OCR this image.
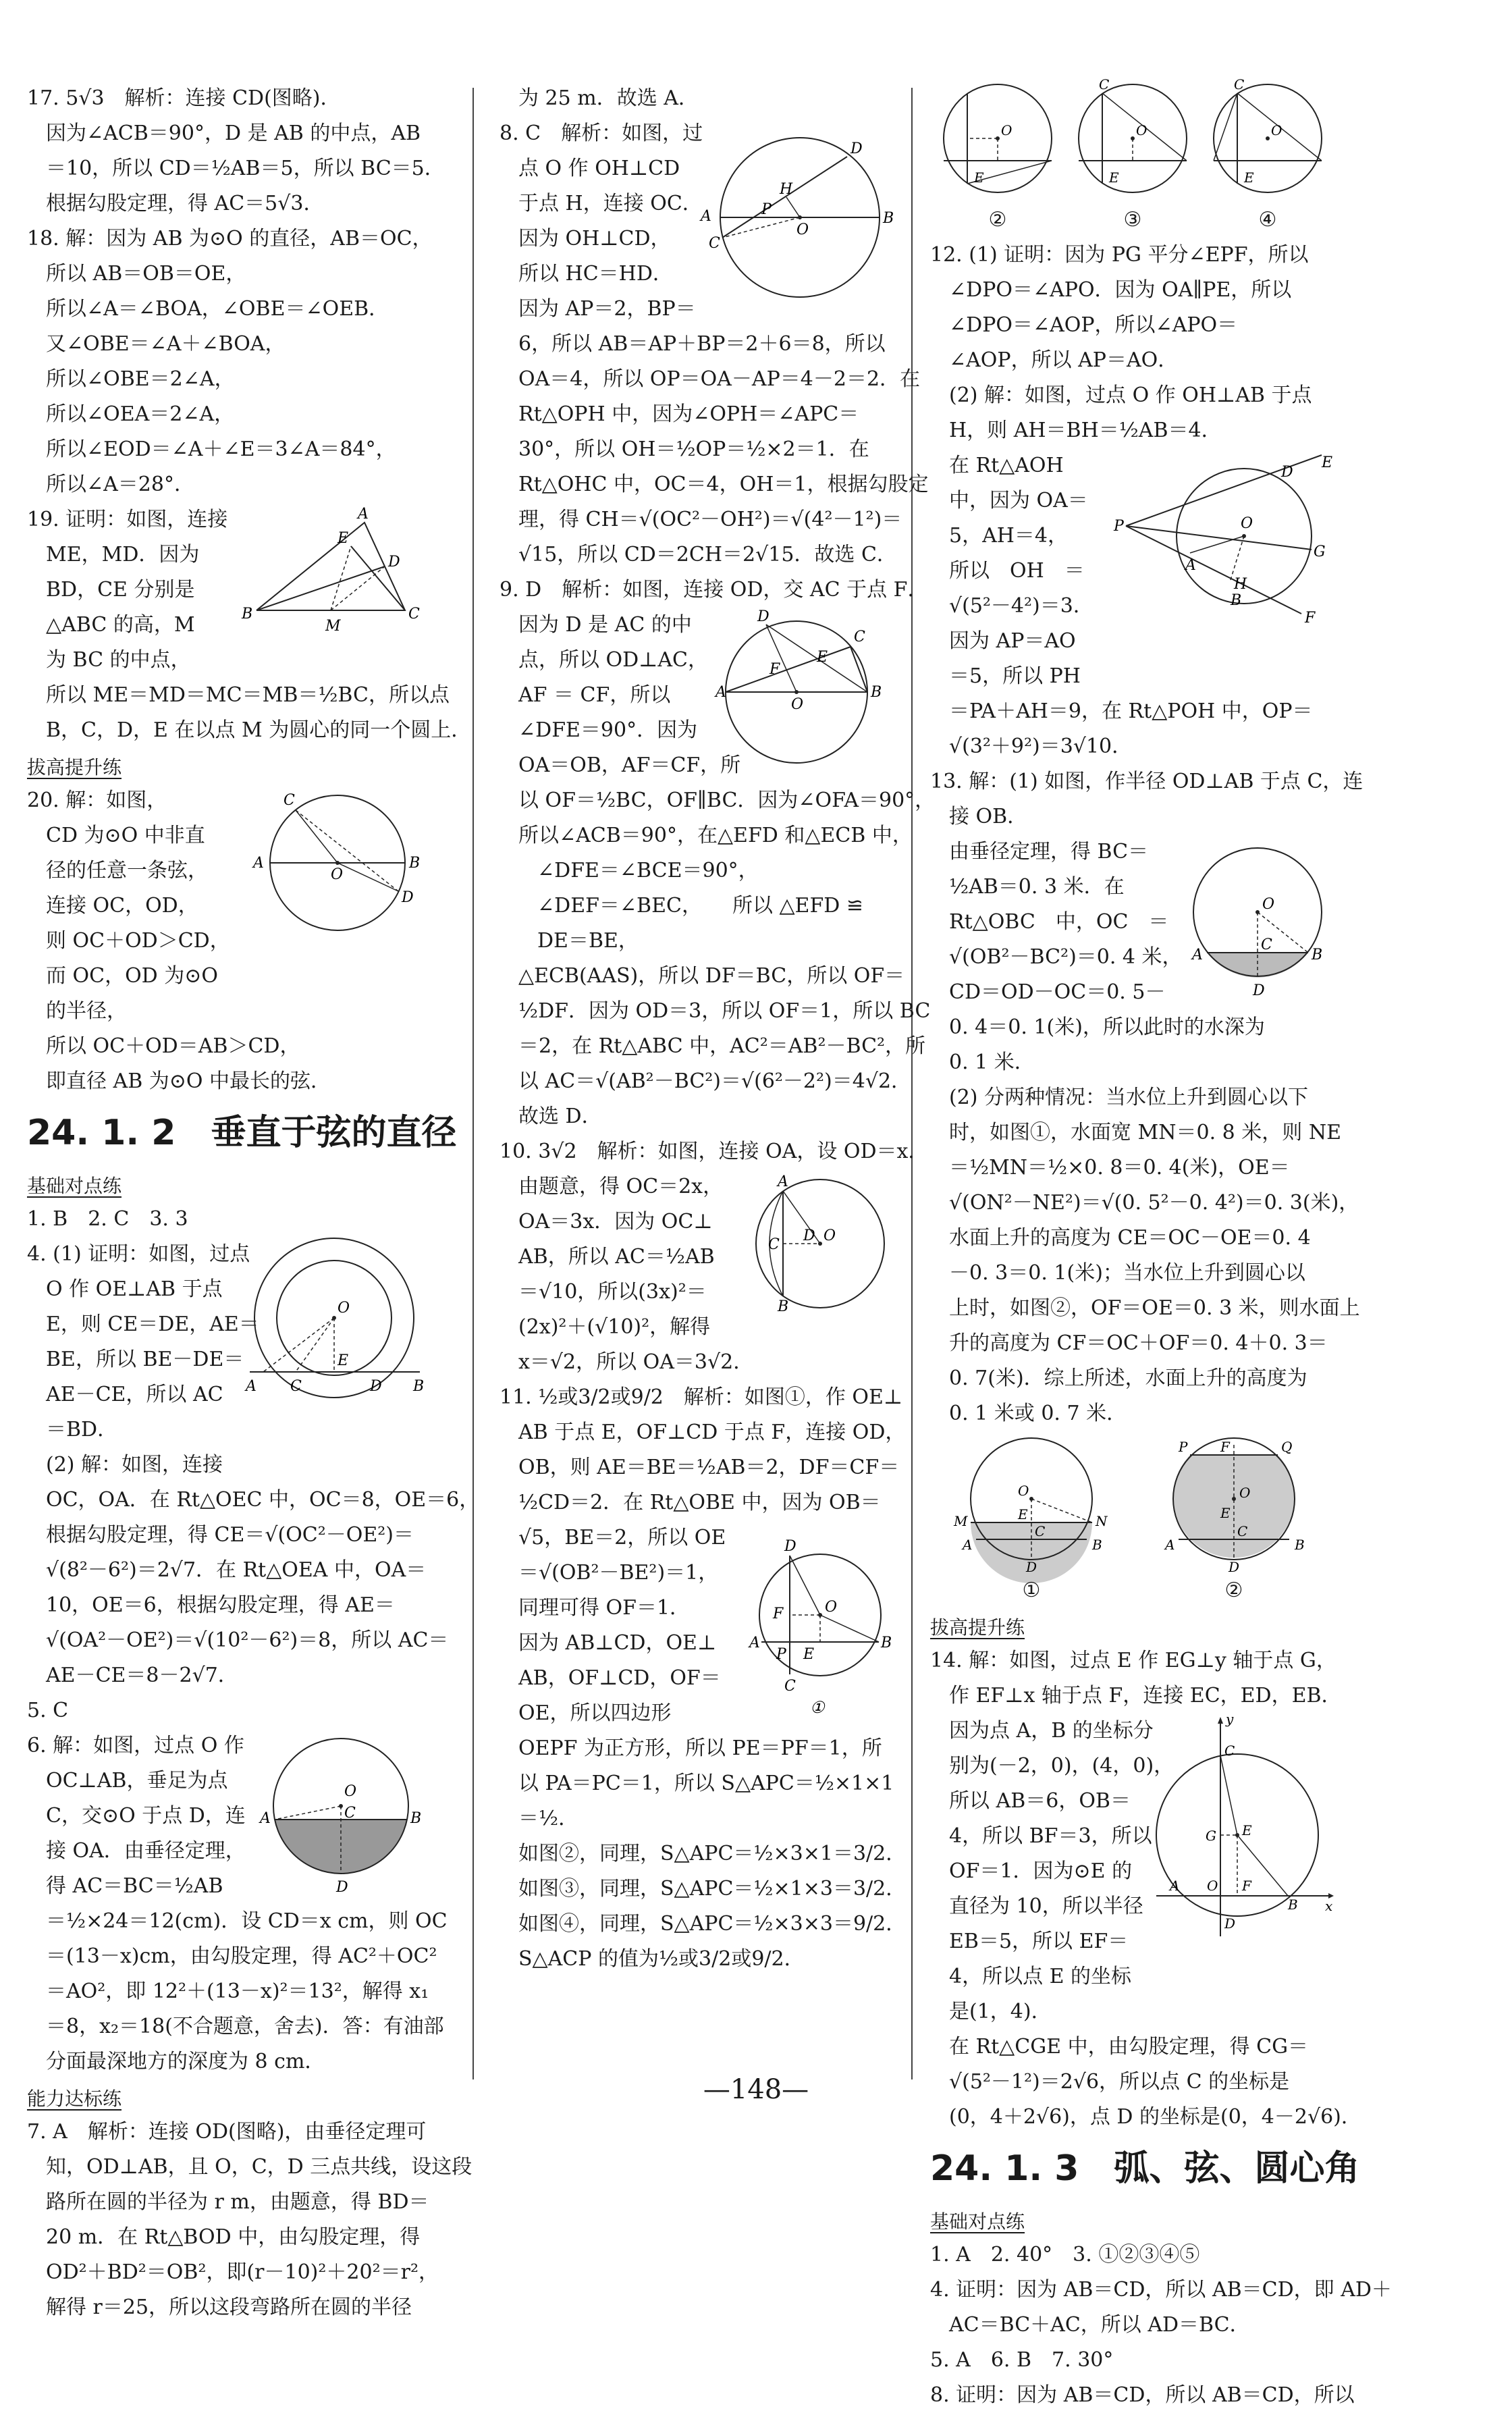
17. 5√3　解析：连接 CD(图略)．
因为∠ACB＝90°，D 是 AB 的中点，AB
＝10，所以 CD＝½AB＝5，所以 BC＝5．
根据勾股定理，得 AC＝5√3．
18. 解：因为 AB 为⊙O 的直径，AB＝OC，
所以 AB＝OB＝OE，
所以∠A＝∠BOA，∠OBE＝∠OEB．
又∠OBE＝∠A＋∠BOA，
所以∠OBE＝2∠A，
所以∠OEA＝2∠A，
所以∠EOD＝∠A＋∠E＝3∠A＝84°，
所以∠A＝28°．
19. 证明：如图，连接
ME，MD．因为
BD，CE 分别是
△ABC 的高，M
为 BC 的中点，
B	C
A
D
E
M
所以 ME＝MD＝MC＝MB＝½BC，所以点
B，C，D，E 在以点 M 为圆心的同一个圆上．
拔高提升练
20. 解：如图，
CD 为⊙O 中非直
径的任意一条弦，
连接 OC，OD，
则 OC＋OD＞CD，
而 OC，OD 为⊙O
的半径，
C
A	B
O
D
所以 OC＋OD＝AB＞CD，
即直径 AB 为⊙O 中最长的弦．
24. 1. 2　垂直于弦的直径
基础对点练
1. B　2. C　3. 3
4. (1) 证明：如图，过点
O 作 OE⊥AB 于点
E，则 CE＝DE，AE＝
BE，所以 BE－DE＝
AE－CE，所以 AC
＝BD．
(2) 解：如图，连接
O
E
A C	D B
OC，OA．在 Rt△OEC 中，OC＝8，OE＝6，
根据勾股定理，得 CE＝√(OC²－OE²)＝
√(8²－6²)＝2√7．在 Rt△OEA 中，OA＝
10，OE＝6，根据勾股定理，得 AE＝
√(OA²－OE²)＝√(10²－6²)＝8，所以 AC＝
AE－CE＝8－2√7．
5. C
6. 解：如图，过点 O 作
OC⊥AB，垂足为点
C，交⊙O 于点 D，连
接 OA．由垂径定理，
得 AC＝BC＝½AB
O
C
A	B
D
＝½×24＝12(cm)．设 CD＝x cm，则 OC
＝(13－x)cm，由勾股定理，得 AC²＋OC²
＝AO²，即 12²＋(13－x)²＝13²，解得 x₁
＝8，x₂＝18(不合题意，舍去)．答：有油部
分面最深地方的深度为 8 cm．
能力达标练
7. A　解析：连接 OD(图略)，由垂径定理可
知，OD⊥AB，且 O，C，D 三点共线，设这段
路所在圆的半径为 r m，由题意，得 BD＝
20 m．在 Rt△BOD 中，由勾股定理，得
OD²＋BD²＝OB²，即(r－10)²＋20²＝r²，
解得 r＝25，所以这段弯路所在圆的半径
为 25 m．故选 A．
8. C　解析：如图，过
点 O 作 OH⊥CD
于点 H，连接 OC．
因为 OH⊥CD，
所以 HC＝HD．
因为 AP＝2，BP＝
D
H
P
A	B
O
C
6，所以 AB＝AP＋BP＝2＋6＝8，所以
OA＝4，所以 OP＝OA－AP＝4－2＝2．在
Rt△OPH 中，因为∠OPH＝∠APC＝
30°，所以 OH＝½OP＝½×2＝1．在
Rt△OHC 中，OC＝4，OH＝1，根据勾股定
理，得 CH＝√(OC²－OH²)＝√(4²－1²)＝
√15，所以 CD＝2CH＝2√15．故选 C．
9. D　解析：如图，连接 OD，交 AC 于点 F．
因为 D 是 AC 的中
点，所以 OD⊥AC，
AF ＝ CF，所以
∠DFE＝90°．因为
OA＝OB，AF＝CF，所
D
C
E
F
A	B
O
以 OF＝½BC，OF∥BC．因为∠OFA＝90°，
所以∠ACB＝90°，在△EFD 和△ECB 中，
∠DFE＝∠BCE＝90°，
∠DEF＝∠BEC，　　所以 △EFD ≌
DE＝BE，
△ECB(AAS)，所以 DF＝BC，所以 OF＝
½DF．因为 OD＝3，所以 OF＝1，所以 BC
＝2，在 Rt△ABC 中，AC²＝AB²－BC²，所
以 AC＝√(AB²－BC²)＝√(6²－2²)＝4√2．
故选 D．
10. 3√2　解析：如图，连接 OA，设 OD＝x．
由题意，得 OC＝2x，
OA＝3x．因为 OC⊥
AB，所以 AC＝½AB
＝√10，所以(3x)²＝
(2x)²＋(√10)²，解得
x＝√2，所以 OA＝3√2．
A
C
D O
B
11. ½或3/2或9/2　解析：如图①，作 OE⊥
AB 于点 E，OF⊥CD 于点 F，连接 OD，
OB，则 AE＝BE＝½AB＝2，DF＝CF＝
½CD＝2．在 Rt△OBE 中，因为 OB＝
√5，BE＝2，所以 OE
＝√(OB²－BE²)＝1，
同理可得 OF＝1．
因为 AB⊥CD，OE⊥
AB，OF⊥CD，OF＝
OE，所以四边形
D
F	O
A
P E
B
C
①
OEPF 为正方形，所以 PE＝PF＝1，所
以 PA＝PC＝1，所以 S△APC＝½×1×1
＝½．
如图②，同理，S△APC＝½×3×1＝3/2．
如图③，同理，S△APC＝½×1×3＝3/2．
如图④，同理，S△APC＝½×3×3＝9/2．
S△ACP 的值为½或3/2或9/2．
O
E
②
C
O
E
③
C
O
E
④
12. (1) 证明：因为 PG 平分∠EPF，所以
∠DPO＝∠APO．因为 OA∥PE，所以
∠DPO＝∠AOP，所以∠APO＝
∠AOP，所以 AP＝AO．
(2) 解：如图，过点 O 作 OH⊥AB 于点
H，则 AH＝BH＝½AB＝4．
在 Rt△AOH
中，因为 OA＝
5，AH＝4，
所以　OH　＝
√(5²－4²)＝3．
因为 AP＝AO
＝5，所以 PH
E
D
P	O
G
A
H
B
F
＝PA＋AH＝9，在 Rt△POH 中，OP＝
√(3²＋9²)＝3√10．
13. 解：(1) 如图，作半径 OD⊥AB 于点 C，连
接 OB．
由垂径定理，得 BC＝
½AB＝0. 3 米．在
Rt△OBC　中，OC　＝
√(OB²－BC²)＝0. 4 米，
CD＝OD－OC＝0. 5－
O
C
A	B
D
0. 4＝0. 1(米)，所以此时的水深为
0. 1 米．
(2) 分两种情况：当水位上升到圆心以下
时，如图①，水面宽 MN＝0. 8 米，则 NE
＝½MN＝½×0. 8＝0. 4(米)，OE＝
√(ON²－NE²)＝√(0. 5²－0. 4²)＝0. 3(米)，
水面上升的高度为 CE＝OC－OE＝0. 4
－0. 3＝0. 1(米)；当水位上升到圆心以
上时，如图②，OF＝OE＝0. 3 米，则水面上
升的高度为 CF＝OC＋OF＝0. 4＋0. 3＝
0. 7(米)．综上所述，水面上升的高度为
0. 1 米或 0. 7 米．
O
E
M	N
C
A	B
D
①
P F	Q
O
E
C
A	B
D
②
拔高提升练
14. 解：如图，过点 E 作 EG⊥y 轴于点 G，
作 EF⊥x 轴于点 F，连接 EC，ED，EB．
因为点 A，B 的坐标分
别为(－2，0)，(4，0)，
所以 AB＝6，OB＝
4，所以 BF＝3，所以
OF＝1．因为⊙E 的
直径为 10，所以半径
EB＝5，所以 EF＝
4，所以点 E 的坐标
是(1，4)．
y
C
G E
A O F
B x
D
在 Rt△CGE 中，由勾股定理，得 CG＝
√(5²－1²)＝2√6，所以点 C 的坐标是
(0，4＋2√6)，点 D 的坐标是(0，4－2√6)．
24. 1. 3　弧、弦、圆心角
基础对点练
1. A　2. 40°　3. ①②③④⑤
4. 证明：因为 AB＝CD，所以 AB＝CD，即 AD＋
AC＝BC＋AC，所以 AD＝BC．
5. A　6. B　7. 30°
8. 证明：因为 AB＝CD，所以 AB＝CD，所以
—148—
